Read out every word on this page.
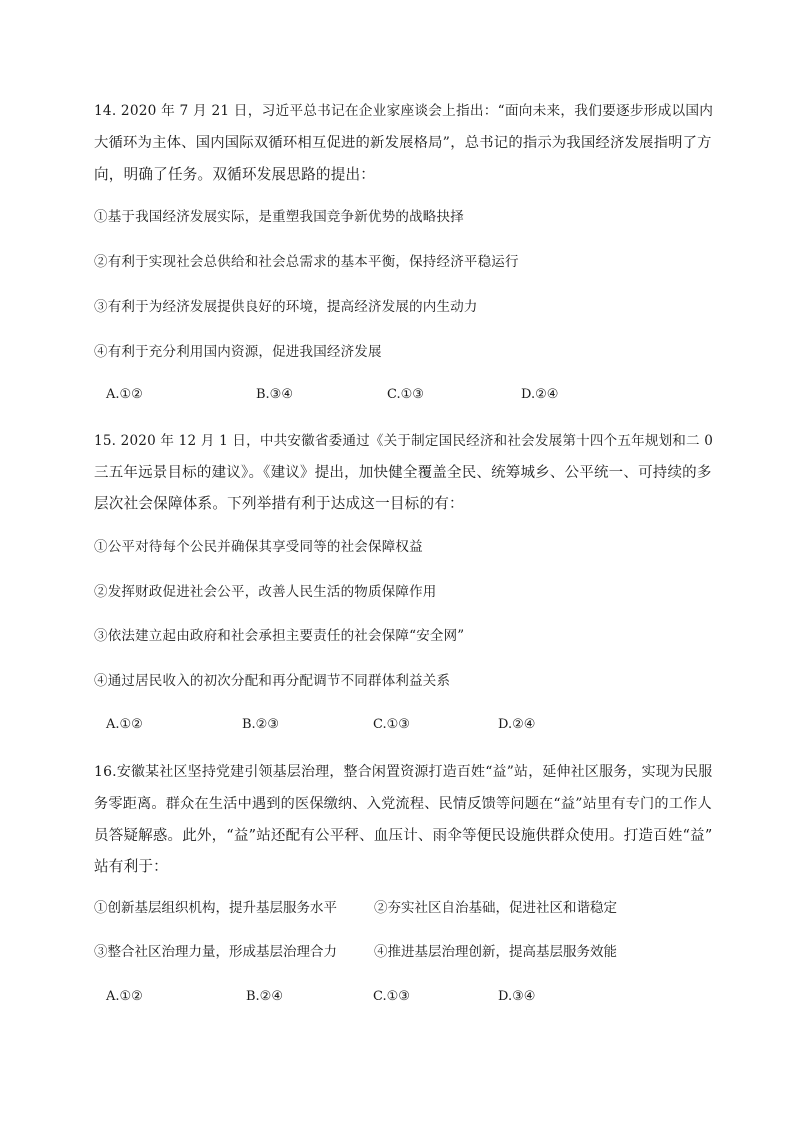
14. 2020 年 7 月 21 日，习近平总书记在企业家座谈会上指出：“面向未来，我们要逐步形成以国内
大循环为主体、国内国际双循环相互促进的新发展格局”，总书记的指示为我国经济发展指明了方
向，明确了任务。双循环发展思路的提出：
①基于我国经济发展实际，是重塑我国竞争新优势的战略抉择
②有利于实现社会总供给和社会总需求的基本平衡，保持经济平稳运行
③有利于为经济发展提供良好的环境，提高经济发展的内生动力
④有利于充分利用国内资源，促进我国经济发展
A.①②	B.③④	C.①③	D.②④
15. 2020 年 12 月 1 日，中共安徽省委通过《关于制定国民经济和社会发展第十四个五年规划和二 0
三五年远景目标的建议》。《建议》提出，加快健全覆盖全民、统筹城乡、公平统一、可持续的多
层次社会保障体系。下列举措有利于达成这一目标的有：
①公平对待每个公民并确保其享受同等的社会保障权益
②发挥财政促进社会公平，改善人民生活的物质保障作用
③依法建立起由政府和社会承担主要责任的社会保障“安全网”
④通过居民收入的初次分配和再分配调节不同群体利益关系
A.①②	B.②③	C.①③	D.②④
16.安徽某社区坚持党建引领基层治理，整合闲置资源打造百姓“益”站，延伸社区服务，实现为民服
务零距离。群众在生活中遇到的医保缴纳、入党流程、民情反馈等问题在“益”站里有专门的工作人
员答疑解惑。此外，“益”站还配有公平秤、血压计、雨伞等便民设施供群众使用。打造百姓“益”
站有利于：
①创新基层组织机构，提升基层服务水平	②夯实社区自治基础，促进社区和谐稳定
③整合社区治理力量，形成基层治理合力	④推进基层治理创新，提高基层服务效能
A.①②	B.②④	C.①③	D.③④
